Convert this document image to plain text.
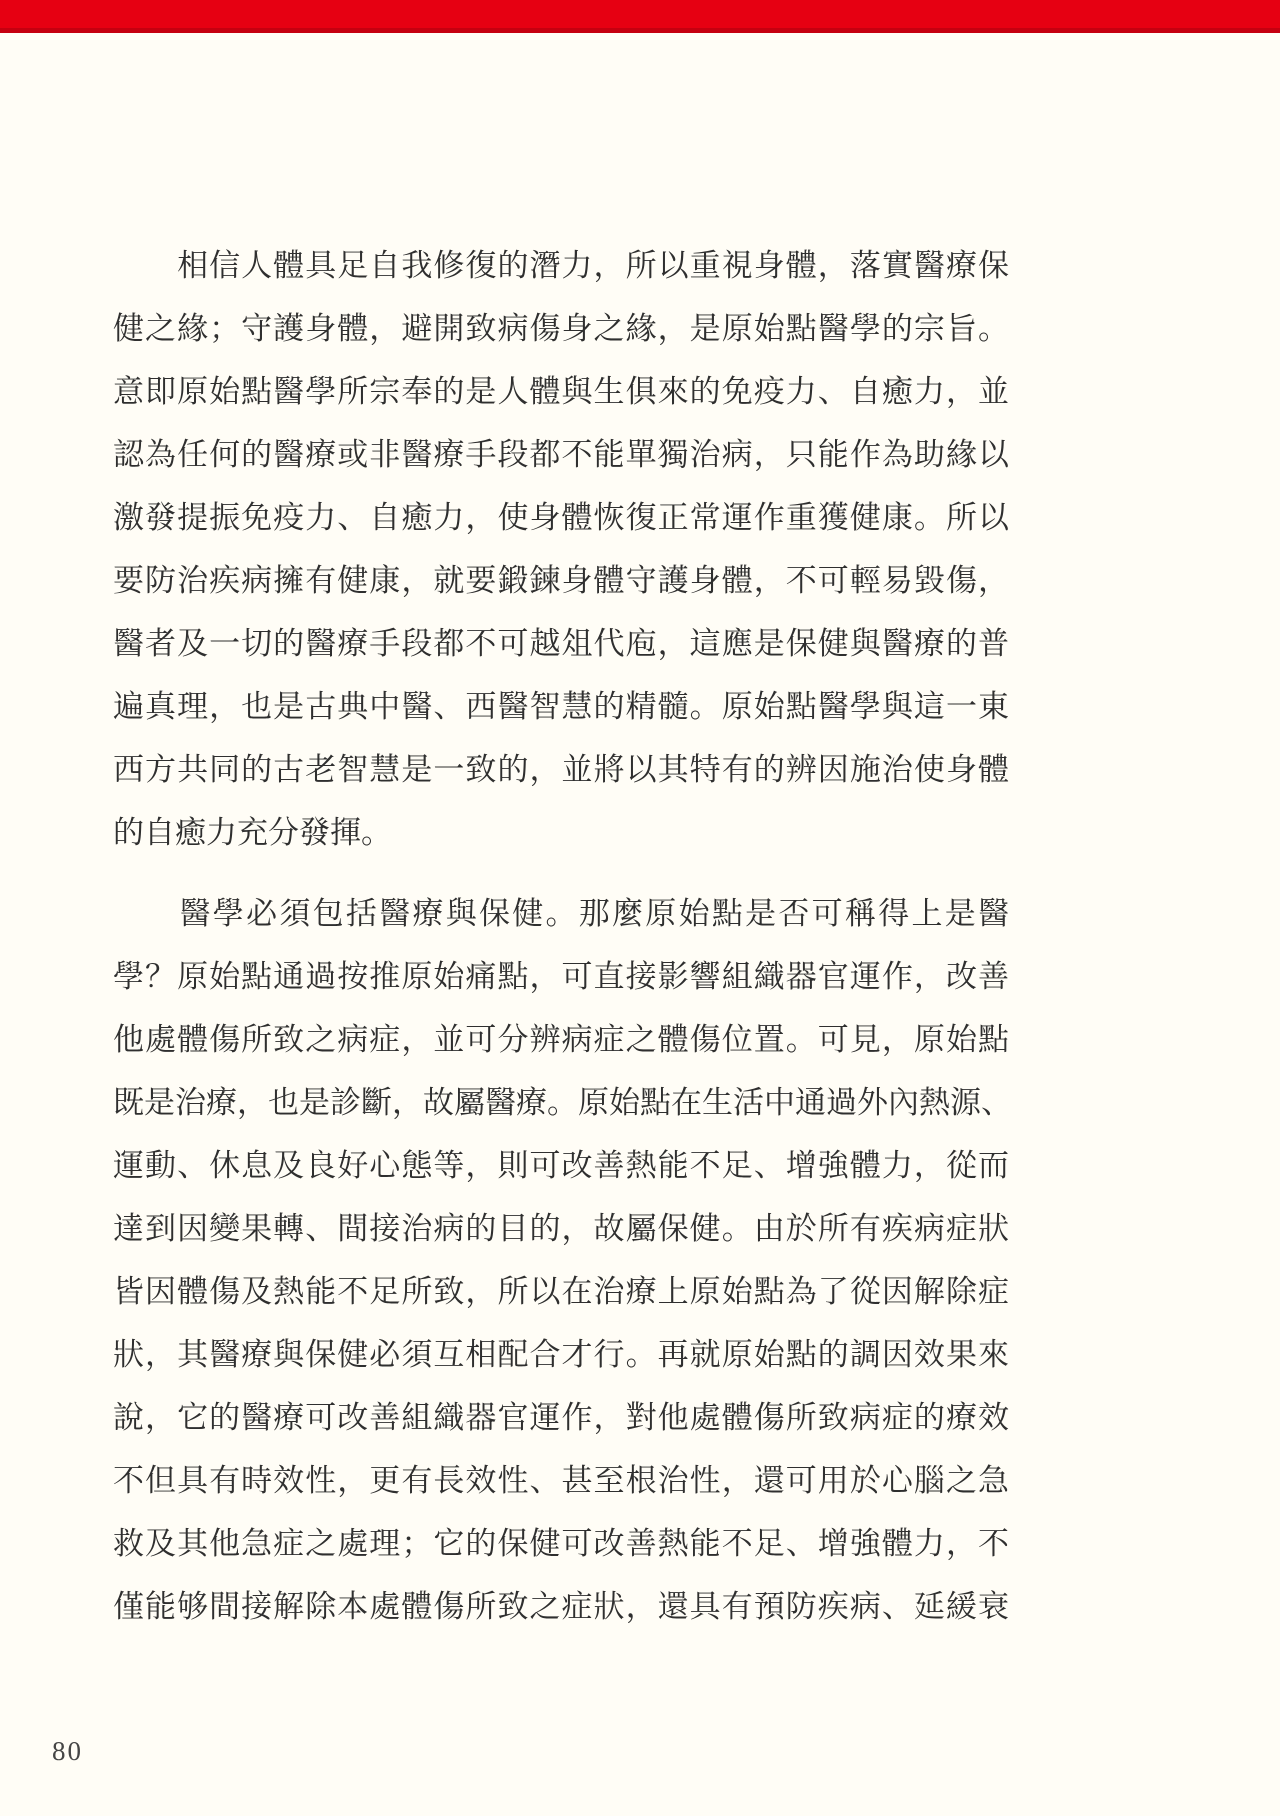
　　相信人體具足自我修復的潛力，所以重視身體，落實醫療保
健之緣；守護身體，避開致病傷身之緣，是原始點醫學的宗旨。
意即原始點醫學所宗奉的是人體與生俱來的免疫力、自癒力，並
認為任何的醫療或非醫療手段都不能單獨治病，只能作為助緣以
激發提振免疫力、自癒力，使身體恢復正常運作重獲健康。所以
要防治疾病擁有健康，就要鍛鍊身體守護身體，不可輕易毀傷，
醫者及一切的醫療手段都不可越俎代庖，這應是保健與醫療的普
遍真理，也是古典中醫、西醫智慧的精髓。原始點醫學與這一東
西方共同的古老智慧是一致的，並將以其特有的辨因施治使身體
的自癒力充分發揮。
　　醫學必須包括醫療與保健。那麼原始點是否可稱得上是醫
學？原始點通過按推原始痛點，可直接影響組織器官運作，改善
他處體傷所致之病症，並可分辨病症之體傷位置。可見，原始點
既是治療，也是診斷，故屬醫療。原始點在生活中通過外內熱源、
運動、休息及良好心態等，則可改善熱能不足、增強體力，從而
達到因變果轉、間接治病的目的，故屬保健。由於所有疾病症狀
皆因體傷及熱能不足所致，所以在治療上原始點為了從因解除症
狀，其醫療與保健必須互相配合才行。再就原始點的調因效果來
說，它的醫療可改善組織器官運作，對他處體傷所致病症的療效
不但具有時效性，更有長效性、甚至根治性，還可用於心腦之急
救及其他急症之處理；它的保健可改善熱能不足、增強體力，不
僅能够間接解除本處體傷所致之症狀，還具有預防疾病、延緩衰
80
